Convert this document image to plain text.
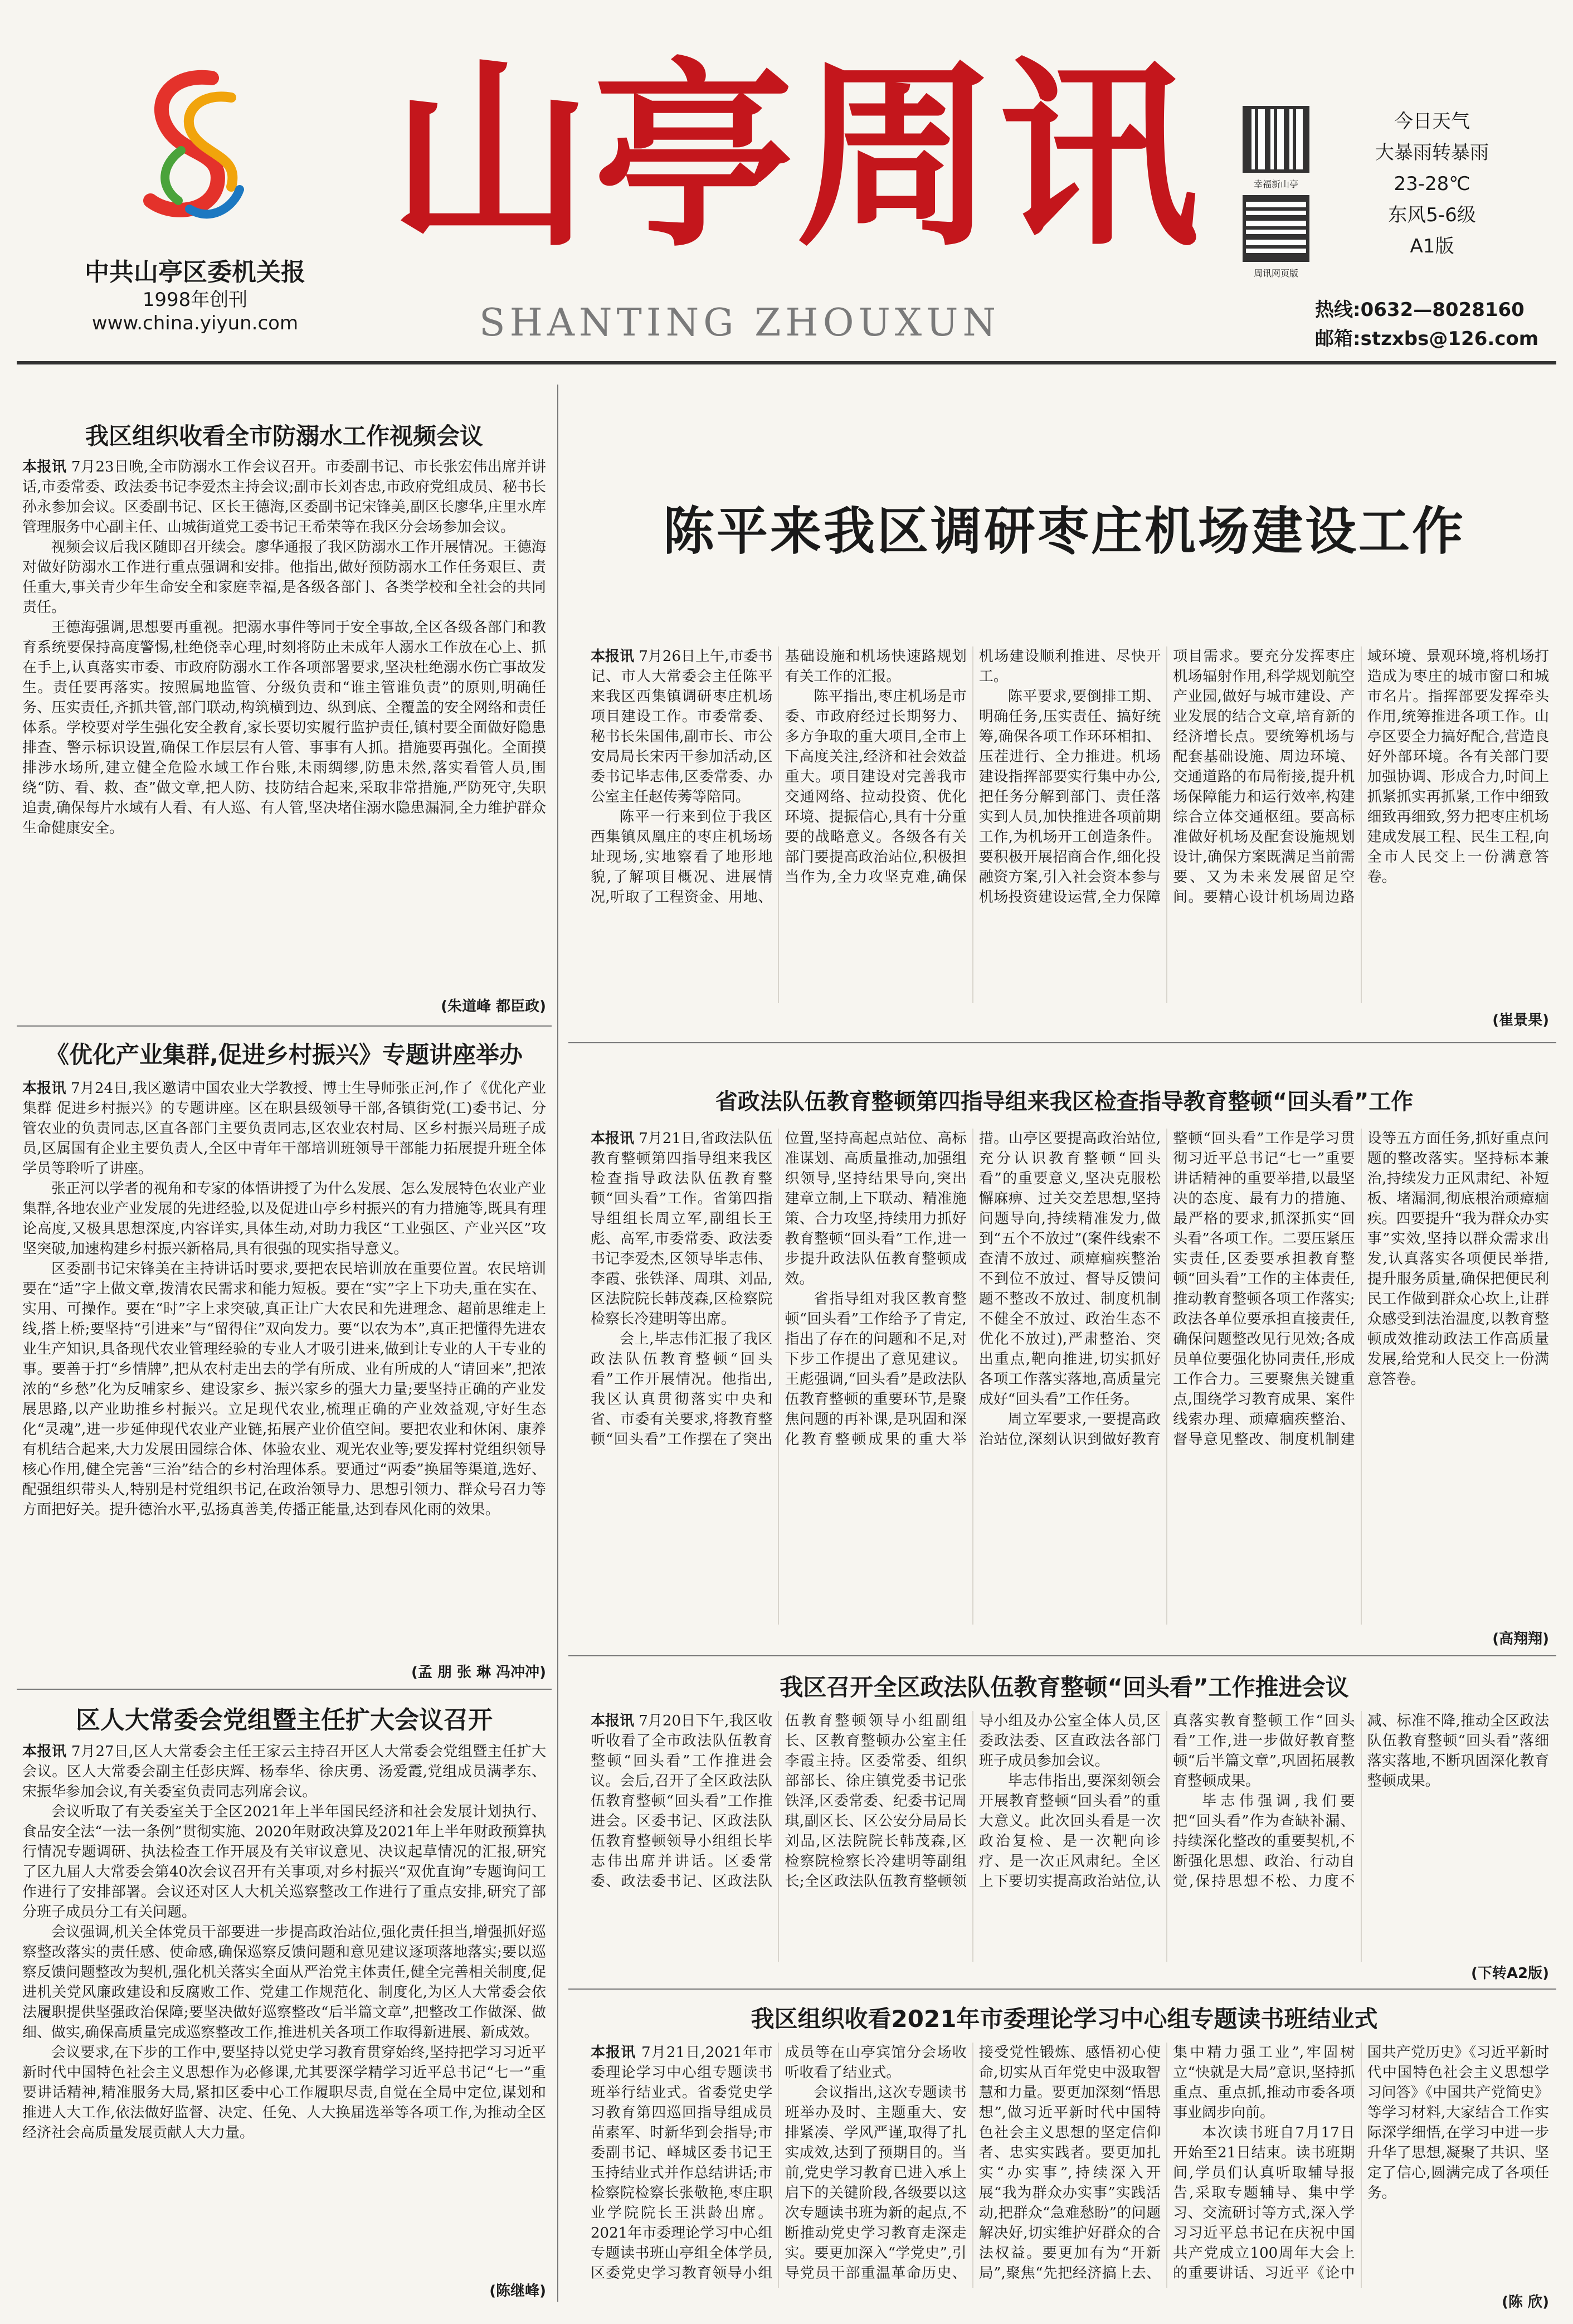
中共山亭区委机关报
1998年创刊
www.china.yiyun.com
山亭周讯
SHANTING ZHOUXUN
幸福新山亭
周讯网页版
今日天气
大暴雨转暴雨
23-28℃
东风5-6级
A1版
热线:0632—8028160
邮箱:stzxbs@126.com
我区组织收看全市防溺水工作视频会议

本报讯 7月23日晚,全市防溺水工作会议召开。市委副书记、市长张宏伟出席并讲话,市委常委、政法委书记李爱杰主持会议;副市长刘杏忠,市政府党组成员、秘书长孙永参加会议。区委副书记、区长王德海,区委副书记宋锋美,副区长廖华,庄里水库管理服务中心副主任、山城街道党工委书记王希荣等在我区分会场参加会议。

视频会议后我区随即召开续会。廖华通报了我区防溺水工作开展情况。王德海对做好防溺水工作进行重点强调和安排。他指出,做好预防溺水工作任务艰巨、责任重大,事关青少年生命安全和家庭幸福,是各级各部门、各类学校和全社会的共同责任。

王德海强调,思想要再重视。把溺水事件等同于安全事故,全区各级各部门和教育系统要保持高度警惕,杜绝侥幸心理,时刻将防止未成年人溺水工作放在心上、抓在手上,认真落实市委、市政府防溺水工作各项部署要求,坚决杜绝溺水伤亡事故发生。责任要再落实。按照属地监管、分级负责和“谁主管谁负责”的原则,明确任务、压实责任,齐抓共管,部门联动,构筑横到边、纵到底、全覆盖的安全网络和责任体系。学校要对学生强化安全教育,家长要切实履行监护责任,镇村要全面做好隐患排查、警示标识设置,确保工作层层有人管、事事有人抓。措施要再强化。全面摸排涉水场所,建立健全危险水域工作台账,未雨绸缪,防患未然,落实看管人员,围绕“防、看、救、查”做文章,把人防、技防结合起来,采取非常措施,严防死守,失职追责,确保每片水域有人看、有人巡、有人管,坚决堵住溺水隐患漏洞,全力维护群众生命健康安全。

(朱道峰 都臣政)
《优化产业集群,促进乡村振兴》专题讲座举办

本报讯 7月24日,我区邀请中国农业大学教授、博士生导师张正河,作了《优化产业集群 促进乡村振兴》的专题讲座。区在职县级领导干部,各镇街党(工)委书记、分管农业的负责同志,区直各部门主要负责同志,区农业农村局、区乡村振兴局班子成员,区属国有企业主要负责人,全区中青年干部培训班领导干部能力拓展提升班全体学员等聆听了讲座。

张正河以学者的视角和专家的体悟讲授了为什么发展、怎么发展特色农业产业集群,各地农业产业发展的先进经验,以及促进山亭乡村振兴的有力措施等,既具有理论高度,又极具思想深度,内容详实,具体生动,对助力我区“工业强区、产业兴区”攻坚突破,加速构建乡村振兴新格局,具有很强的现实指导意义。

区委副书记宋锋美在主持讲话时要求,要把农民培训放在重要位置。农民培训要在“适”字上做文章,拨清农民需求和能力短板。要在“实”字上下功夫,重在实在、实用、可操作。要在“时”字上求突破,真正让广大农民和先进理念、超前思维走上线,搭上桥;要坚持“引进来”与“留得住”双向发力。要“以农为本”,真正把懂得先进农业生产知识,具备现代农业管理经验的专业人才吸引进来,做到让专业的人干专业的事。要善于打“乡情牌”,把从农村走出去的学有所成、业有所成的人“请回来”,把浓浓的“乡愁”化为反哺家乡、建设家乡、振兴家乡的强大力量;要坚持正确的产业发展思路,以产业助推乡村振兴。立足现代农业,梳理正确的产业效益观,守好生态化“灵魂”,进一步延伸现代农业产业链,拓展产业价值空间。要把农业和休闲、康养有机结合起来,大力发展田园综合体、体验农业、观光农业等;要发挥村党组织领导核心作用,健全完善“三治”结合的乡村治理体系。要通过“两委”换届等渠道,选好、配强组织带头人,特别是村党组织书记,在政治领导力、思想引领力、群众号召力等方面把好关。提升德治水平,弘扬真善美,传播正能量,达到春风化雨的效果。

(孟 朋 张 琳 冯冲冲)
区人大常委会党组暨主任扩大会议召开

本报讯 7月27日,区人大常委会主任王家云主持召开区人大常委会党组暨主任扩大会议。区人大常委会副主任彭庆辉、杨奉华、徐庆勇、汤爱霞,党组成员满孝东、宋振华参加会议,有关委室负责同志列席会议。

会议听取了有关委室关于全区2021年上半年国民经济和社会发展计划执行、食品安全法“一法一条例”贯彻实施、2020年财政决算及2021年上半年财政预算执行情况专题调研、执法检查工作开展及有关审议意见、决议起草情况的汇报,研究了区九届人大常委会第40次会议召开有关事项,对乡村振兴“双优直询”专题询问工作进行了安排部署。会议还对区人大机关巡察整改工作进行了重点安排,研究了部分班子成员分工有关问题。

会议强调,机关全体党员干部要进一步提高政治站位,强化责任担当,增强抓好巡察整改落实的责任感、使命感,确保巡察反馈问题和意见建议逐项落地落实;要以巡察反馈问题整改为契机,强化机关落实全面从严治党主体责任,健全完善相关制度,促进机关党风廉政建设和反腐败工作、党建工作规范化、制度化,为区人大常委会依法履职提供坚强政治保障;要坚决做好巡察整改“后半篇文章”,把整改工作做深、做细、做实,确保高质量完成巡察整改工作,推进机关各项工作取得新进展、新成效。

会议要求,在下步的工作中,要坚持以党史学习教育贯穿始终,坚持把学习习近平新时代中国特色社会主义思想作为必修课,尤其要深学精学习近平总书记“七一”重要讲话精神,精准服务大局,紧扣区委中心工作履职尽责,自觉在全局中定位,谋划和推进人大工作,依法做好监督、决定、任免、人大换届选举等各项工作,为推动全区经济社会高质量发展贡献人大力量。

(陈继峰)
陈平来我区调研枣庄机场建设工作

本报讯 7月26日上午,市委书记、市人大常委会主任陈平来我区西集镇调研枣庄机场项目建设工作。市委常委、秘书长朱国伟,副市长、市公安局局长宋丙干参加活动,区委书记毕志伟,区委常委、办公室主任赵传莠等陪同。

陈平一行来到位于我区西集镇凤凰庄的枣庄机场场址现场,实地察看了地形地貌,了解项目概况、进展情况,听取了工程资金、用地、基础设施和机场快速路规划有关工作的汇报。

陈平指出,枣庄机场是市委、市政府经过长期努力、多方争取的重大项目,全市上下高度关注,经济和社会效益重大。项目建设对完善我市交通网络、拉动投资、优化环境、提振信心,具有十分重要的战略意义。各级各有关部门要提高政治站位,积极担当作为,全力攻坚克难,确保机场建设顺利推进、尽快开工。

陈平要求,要倒排工期、明确任务,压实责任、搞好统筹,确保各项工作环环相扣、压茬进行、全力推进。机场建设指挥部要实行集中办公,把任务分解到部门、责任落实到人员,加快推进各项前期工作,为机场开工创造条件。要积极开展招商合作,细化投融资方案,引入社会资本参与机场投资建设运营,全力保障项目需求。要充分发挥枣庄机场辐射作用,科学规划航空产业园,做好与城市建设、产业发展的结合文章,培育新的经济增长点。要统筹机场与配套基础设施、周边环境、交通道路的布局衔接,提升机场保障能力和运行效率,构建综合立体交通枢纽。要高标准做好机场及配套设施规划设计,确保方案既满足当前需要、又为未来发展留足空间。要精心设计机场周边路域环境、景观环境,将机场打造成为枣庄的城市窗口和城市名片。指挥部要发挥牵头作用,统筹推进各项工作。山亭区要全力搞好配合,营造良好外部环境。各有关部门要加强协调、形成合力,时间上抓紧抓实再抓紧,工作中细致细致再细致,努力把枣庄机场建成发展工程、民生工程,向全市人民交上一份满意答卷。

(崔景果)
省政法队伍教育整顿第四指导组来我区检查指导教育整顿“回头看”工作

本报讯 7月21日,省政法队伍教育整顿第四指导组来我区检查指导政法队伍教育整顿“回头看”工作。省第四指导组组长周立军,副组长王彪、高军,市委常委、政法委书记李爱杰,区领导毕志伟、李霞、张铁泽、周琪、刘品,区法院院长韩茂森,区检察院检察长冷建明等出席。

会上,毕志伟汇报了我区政法队伍教育整顿“回头看”工作开展情况。他指出,我区认真贯彻落实中央和省、市委有关要求,将教育整顿“回头看”工作摆在了突出位置,坚持高起点站位、高标准谋划、高质量推动,加强组织领导,坚持结果导向,突出建章立制,上下联动、精准施策、合力攻坚,持续用力抓好教育整顿“回头看”工作,进一步提升政法队伍教育整顿成效。

省指导组对我区教育整顿“回头看”工作给予了肯定,指出了存在的问题和不足,对下步工作提出了意见建议。王彪强调,“回头看”是政法队伍教育整顿的重要环节,是聚焦问题的再补课,是巩固和深化教育整顿成果的重大举措。山亭区要提高政治站位,充分认识教育整顿“回头看”的重要意义,坚决克服松懈麻痹、过关交差思想,坚持问题导向,持续精准发力,做到“五个不放过”(案件线索不查清不放过、顽瘴痼疾整治不到位不放过、督导反馈问题不整改不放过、制度机制不健全不放过、政治生态不优化不放过),严肃整治、突出重点,靶向推进,切实抓好各项工作落实落地,高质量完成好“回头看”工作任务。

周立军要求,一要提高政治站位,深刻认识到做好教育整顿“回头看”工作是学习贯彻习近平总书记“七一”重要讲话精神的重要举措,以最坚决的态度、最有力的措施、最严格的要求,抓深抓实“回头看”各项工作。二要压紧压实责任,区委要承担教育整顿“回头看”工作的主体责任,推动教育整顿各项工作落实;政法各单位要承担直接责任,确保问题整改见行见效;各成员单位要强化协同责任,形成工作合力。三要聚焦关键重点,围绕学习教育成果、案件线索办理、顽瘴痼疾整治、督导意见整改、制度机制建设等五方面任务,抓好重点问题的整改落实。坚持标本兼治,持续发力正风肃纪、补短板、堵漏洞,彻底根治顽瘴痼疾。四要提升“我为群众办实事”实效,坚持以群众需求出发,认真落实各项便民举措,提升服务质量,确保把便民利民工作做到群众心坎上,让群众感受到法治温度,以教育整顿成效推动政法工作高质量发展,给党和人民交上一份满意答卷。

(高翔翔)
我区召开全区政法队伍教育整顿“回头看”工作推进会议

本报讯 7月20日下午,我区收听收看了全市政法队伍教育整顿“回头看”工作推进会议。会后,召开了全区政法队伍教育整顿“回头看”工作推进会。区委书记、区政法队伍教育整顿领导小组组长毕志伟出席并讲话。区委常委、政法委书记、区政法队伍教育整顿领导小组副组长、区教育整顿办公室主任李霞主持。区委常委、组织部部长、徐庄镇党委书记张铁泽,区委常委、纪委书记周琪,副区长、区公安分局局长刘品,区法院院长韩茂森,区检察院检察长冷建明等副组长;全区政法队伍教育整顿领导小组及办公室全体人员,区委政法委、区直政法各部门班子成员参加会议。

毕志伟指出,要深刻领会开展教育整顿“回头看”的重大意义。此次回头看是一次政治复检、是一次靶向诊疗、是一次正风肃纪。全区上下要切实提高政治站位,认真落实教育整顿工作“回头看”工作,进一步做好教育整顿“后半篇文章”,巩固拓展教育整顿成果。

毕志伟强调,我们要把“回头看”作为查缺补漏、持续深化整改的重要契机,不断强化思想、政治、行动自觉,保持思想不松、力度不减、标准不降,推动全区政法队伍教育整顿“回头看”落细落实落地,不断巩固深化教育整顿成果。

(下转A2版)
我区组织收看2021年市委理论学习中心组专题读书班结业式

本报讯 7月21日,2021年市委理论学习中心组专题读书班举行结业式。省委党史学习教育第四巡回指导组成员苗素军、时新华到会指导;市委副书记、峄城区委书记王玉持结业式并作总结讲话;市检察院检察长张敬艳,枣庄职业学院院长王洪龄出席。2021年市委理论学习中心组专题读书班山亭组全体学员,区委党史学习教育领导小组成员等在山亭宾馆分会场收听收看了结业式。

会议指出,这次专题读书班举办及时、主题重大、安排紧凑、学风严谨,取得了扎实成效,达到了预期目的。当前,党史学习教育已进入承上启下的关键阶段,各级要以这次专题读书班为新的起点,不断推动党史学习教育走深走实。要更加深入“学党史”,引导党员干部重温革命历史、接受党性锻炼、感悟初心使命,切实从百年党史中汲取智慧和力量。要更加深刻“悟思想”,做习近平新时代中国特色社会主义思想的坚定信仰者、忠实实践者。要更加扎实“办实事”,持续深入开展“我为群众办实事”实践活动,把群众“急难愁盼”的问题解决好,切实维护好群众的合法权益。要更加有为“开新局”,聚焦“先把经济搞上去、集中精力强工业”,牢固树立“快就是大局”意识,坚持抓重点、重点抓,推动市委各项事业阔步向前。

本次读书班自7月17日开始至21日结束。读书班期间,学员们认真听取辅导报告,采取专题辅导、集中学习、交流研讨等方式,深入学习习近平总书记在庆祝中国共产党成立100周年大会上的重要讲话、习近平《论中国共产党历史》《习近平新时代中国特色社会主义思想学习问答》《中国共产党简史》等学习材料,大家结合工作实际深学细悟,在学习中进一步升华了思想,凝聚了共识、坚定了信心,圆满完成了各项任务。

(陈 欣)
